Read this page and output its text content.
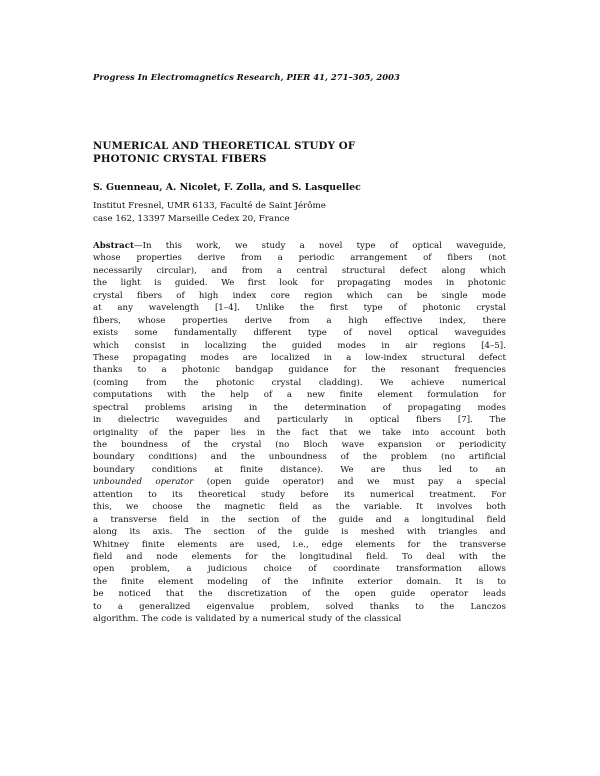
Progress In Electromagnetics Research, PIER 41, 271–305, 2003
NUMERICAL AND THEORETICAL STUDY OF
PHOTONIC CRYSTAL FIBERS
S. Guenneau, A. Nicolet, F. Zolla, and S. Lasquellec
Institut Fresnel, UMR 6133, Faculté de Saint Jérôme
case 162, 13397 Marseille Cedex 20, France
Abstract—In this work, we study a novel type of optical waveguide,
whose properties derive from a periodic arrangement of fibers (not
necessarily circular), and from a central structural defect along which
the light is guided. We first look for propagating modes in photonic
crystal fibers of high index core region which can be single mode
at any wavelength [1–4]. Unlike the first type of photonic crystal
fibers, whose properties derive from a high effective index, there
exists some fundamentally different type of novel optical waveguides
which consist in localizing the guided modes in air regions [4–5].
These propagating modes are localized in a low-index structural defect
thanks to a photonic bandgap guidance for the resonant frequencies
(coming from the photonic crystal cladding). We achieve numerical
computations with the help of a new finite element formulation for
spectral problems arising in the determination of propagating modes
in dielectric waveguides and particularly in optical fibers [7]. The
originality of the paper lies in the fact that we take into account both
the boundness of the crystal (no Bloch wave expansion or periodicity
boundary conditions) and the unboundness of the problem (no artificial
boundary conditions at finite distance). We are thus led to an
unbounded operator (open guide operator) and we must pay a special
attention to its theoretical study before its numerical treatment. For
this, we choose the magnetic field as the variable. It involves both
a transverse field in the section of the guide and a longitudinal field
along its axis. The section of the guide is meshed with triangles and
Whitney finite elements are used, i.e., edge elements for the transverse
field and node elements for the longitudinal field. To deal with the
open problem, a judicious choice of coordinate transformation allows
the finite element modeling of the infinite exterior domain. It is to
be noticed that the discretization of the open guide operator leads
to a generalized eigenvalue problem, solved thanks to the Lanczos
algorithm. The code is validated by a numerical study of the classical
